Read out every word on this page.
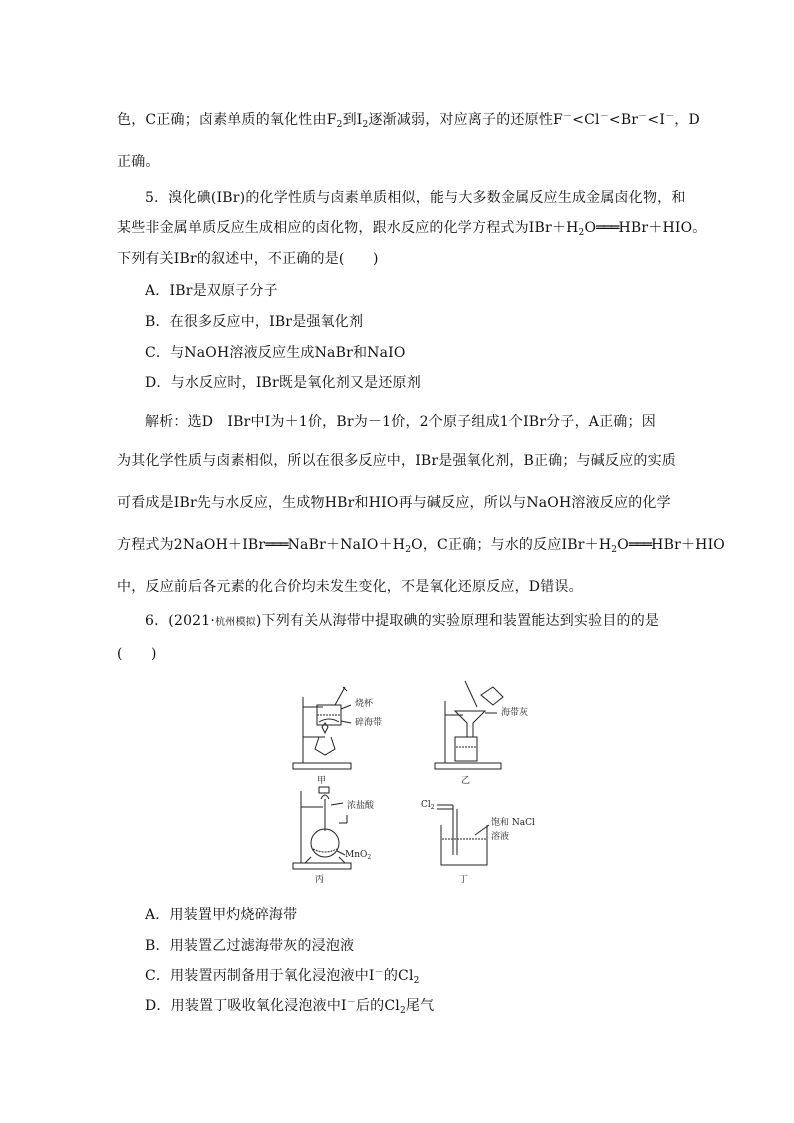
色，C正确；卤素单质的氧化性由$F_2$到$I_2$逐渐减弱，对应离子的还原性F－<Cl－<Br－<I－，D
正确。
5．溴化碘(IBr)的化学性质与卤素单质相似，能与大多数金属反应生成金属卤化物，和
某些非金属单质反应生成相应的卤化物，跟水反应的化学方程式为$IBr+H_2O═══HBr+HIO$。
下列有关IBr的叙述中，不正确的是(　　)
A．IBr是双原子分子
B．在很多反应中，IBr是强氧化剂
C．与NaOH溶液反应生成NaBr和NaIO
D．与水反应时，IBr既是氧化剂又是还原剂
解析：选D　IBr中I为＋1价，Br为－1价，2个原子组成1个IBr分子，A正确；因
为其化学性质与卤素相似，所以在很多反应中，IBr是强氧化剂，B正确；与碱反应的实质
可看成是IBr先与水反应，生成物HBr和HIO再与碱反应，所以与NaOH溶液反应的化学
方程式为$2NaOH+IBr═══NaBr+NaIO+H_2O$，C正确；与水的反应$IBr+H_2O═══HBr+HIO$
中，反应前后各元素的化合价均未发生变化，不是氧化还原反应，D错误。
6．(2021·杭州模拟)下列有关从海带中提取碘的实验原理和装置能达到实验目的的是
(　　)
烧杯
碎海带
甲
海带灰
乙
浓盐酸
MnO$_2$
丙
$Cl_2$
饱和 NaCl
溶液
丁
A．用装置甲灼烧碎海带
B．用装置乙过滤海带灰的浸泡液
C．用装置丙制备用于氧化浸泡液中I－的$Cl_2$
D．用装置丁吸收氧化浸泡液中I－后的$Cl_2$尾气
